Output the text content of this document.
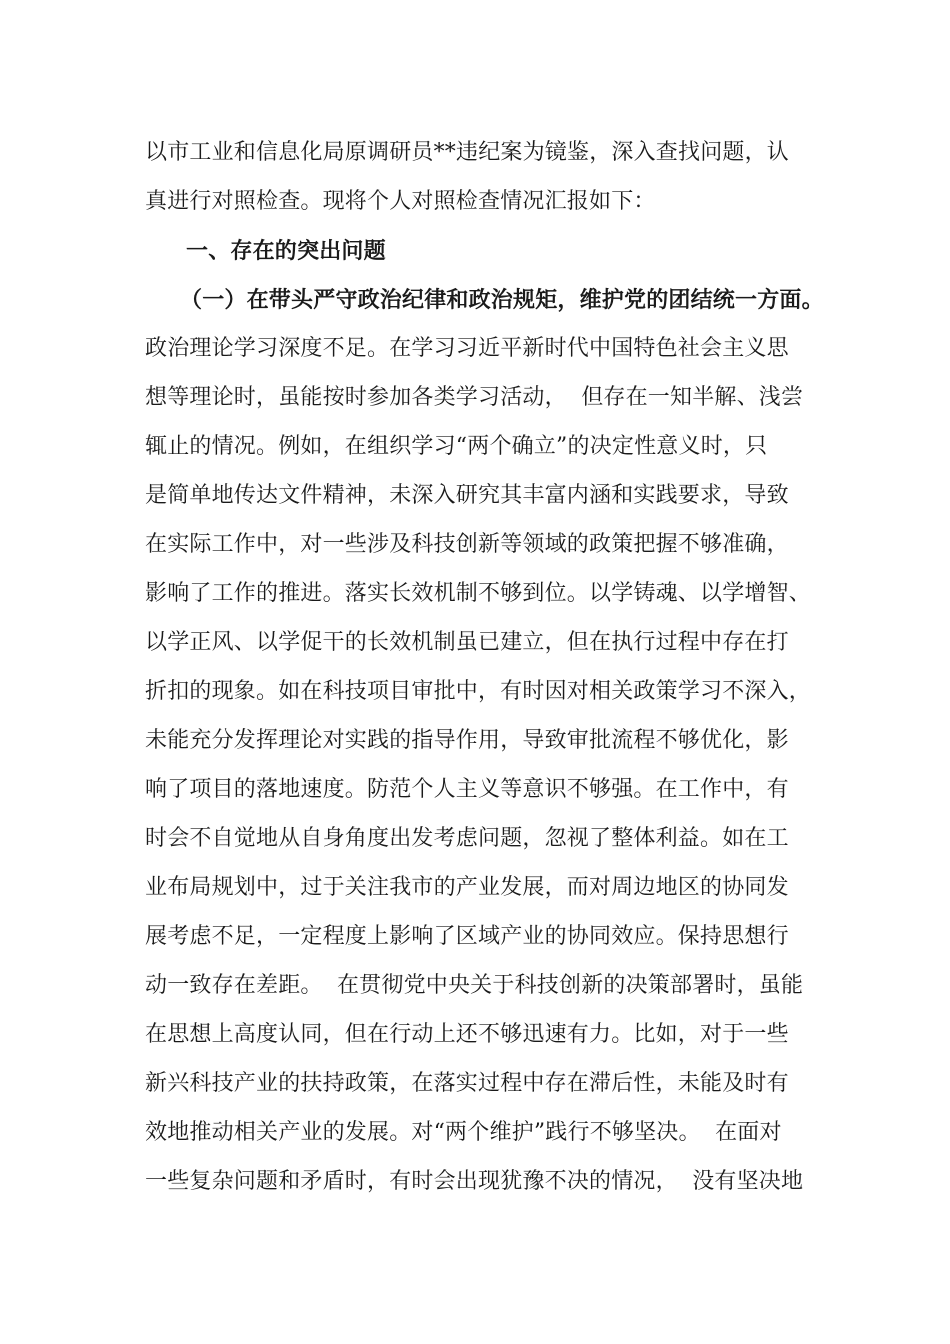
以市工业和信息化局原调研员**违纪案为镜鉴，深入查找问题，认
真进行对照检查。现将个人对照检查情况汇报如下：
一、存在的突出问题
（一）在带头严守政治纪律和政治规矩，维护党的团结统一方面。
政治理论学习深度不足。在学习习近平新时代中国特色社会主义思
想等理论时，虽能按时参加各类学习活动，  但存在一知半解、浅尝
辄止的情况。例如，在组织学习“两个确立”的决定性意义时，只
是简单地传达文件精神，未深入研究其丰富内涵和实践要求，导致
在实际工作中，对一些涉及科技创新等领域的政策把握不够准确，
影响了工作的推进。落实长效机制不够到位。以学铸魂、以学增智、
以学正风、以学促干的长效机制虽已建立，但在执行过程中存在打
折扣的现象。如在科技项目审批中，有时因对相关政策学习不深入，
未能充分发挥理论对实践的指导作用，导致审批流程不够优化，影
响了项目的落地速度。防范个人主义等意识不够强。在工作中，有
时会不自觉地从自身角度出发考虑问题，忽视了整体利益。如在工
业布局规划中，过于关注我市的产业发展，而对周边地区的协同发
展考虑不足，一定程度上影响了区域产业的协同效应。保持思想行
动一致存在差距。  在贯彻党中央关于科技创新的决策部署时，虽能
在思想上高度认同，但在行动上还不够迅速有力。比如，对于一些
新兴科技产业的扶持政策，在落实过程中存在滞后性，未能及时有
效地推动相关产业的发展。对“两个维护”践行不够坚决。  在面对
一些复杂问题和矛盾时，有时会出现犹豫不决的情况，  没有坚决地
